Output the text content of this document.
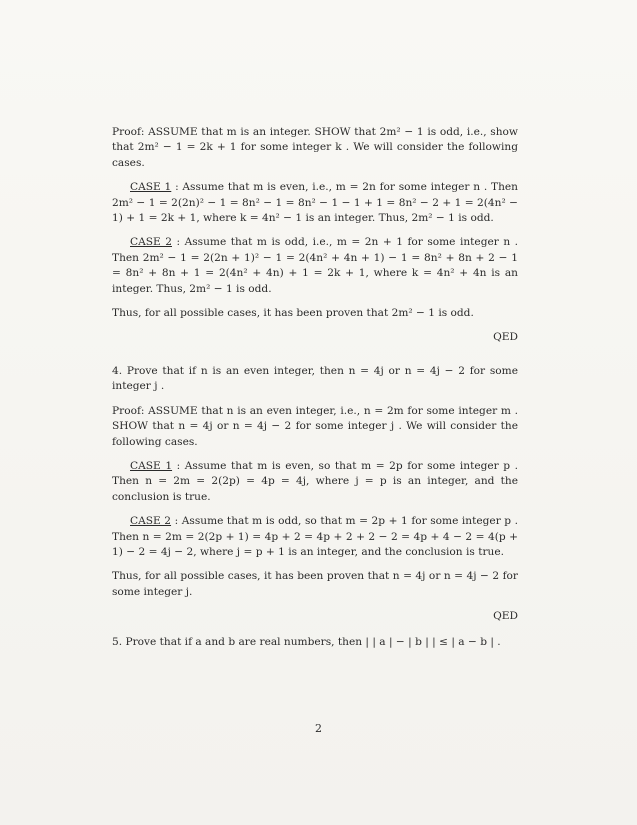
Proof: ASSUME that m is an integer. SHOW that 2m² − 1 is odd, i.e., show that 2m² − 1 = 2k + 1 for some integer k . We will consider the following cases.

CASE 1 : Assume that m is even, i.e., m = 2n for some integer n . Then 2m² − 1 = 2(2n)² − 1 = 8n² − 1 = 8n² − 1 − 1 + 1 = 8n² − 2 + 1 = 2(4n² − 1) + 1 = 2k + 1, where k = 4n² − 1 is an integer. Thus, 2m² − 1 is odd.

CASE 2 : Assume that m is odd, i.e., m = 2n + 1 for some integer n . Then 2m² − 1 = 2(2n + 1)² − 1 = 2(4n² + 4n + 1) − 1 = 8n² + 8n + 2 − 1 = 8n² + 8n + 1 = 2(4n² + 4n) + 1 = 2k + 1, where k = 4n² + 4n is an integer. Thus, 2m² − 1 is odd.

Thus, for all possible cases, it has been proven that 2m² − 1 is odd.

QED

4. Prove that if n is an even integer, then n = 4j or n = 4j − 2 for some integer j .

Proof: ASSUME that n is an even integer, i.e., n = 2m for some integer m . SHOW that n = 4j or n = 4j − 2 for some integer j . We will consider the following cases.

CASE 1 : Assume that m is even, so that m = 2p for some integer p . Then n = 2m = 2(2p) = 4p = 4j, where j = p is an integer, and the conclusion is true.

CASE 2 : Assume that m is odd, so that m = 2p + 1 for some integer p . Then n = 2m = 2(2p + 1) = 4p + 2 = 4p + 2 + 2 − 2 = 4p + 4 − 2 = 4(p + 1) − 2 = 4j − 2, where j = p + 1 is an integer, and the conclusion is true.

Thus, for all possible cases, it has been proven that n = 4j or n = 4j − 2 for some integer j.

QED

5. Prove that if a and b are real numbers, then | | a | − | b | | ≤ | a − b | .

2
